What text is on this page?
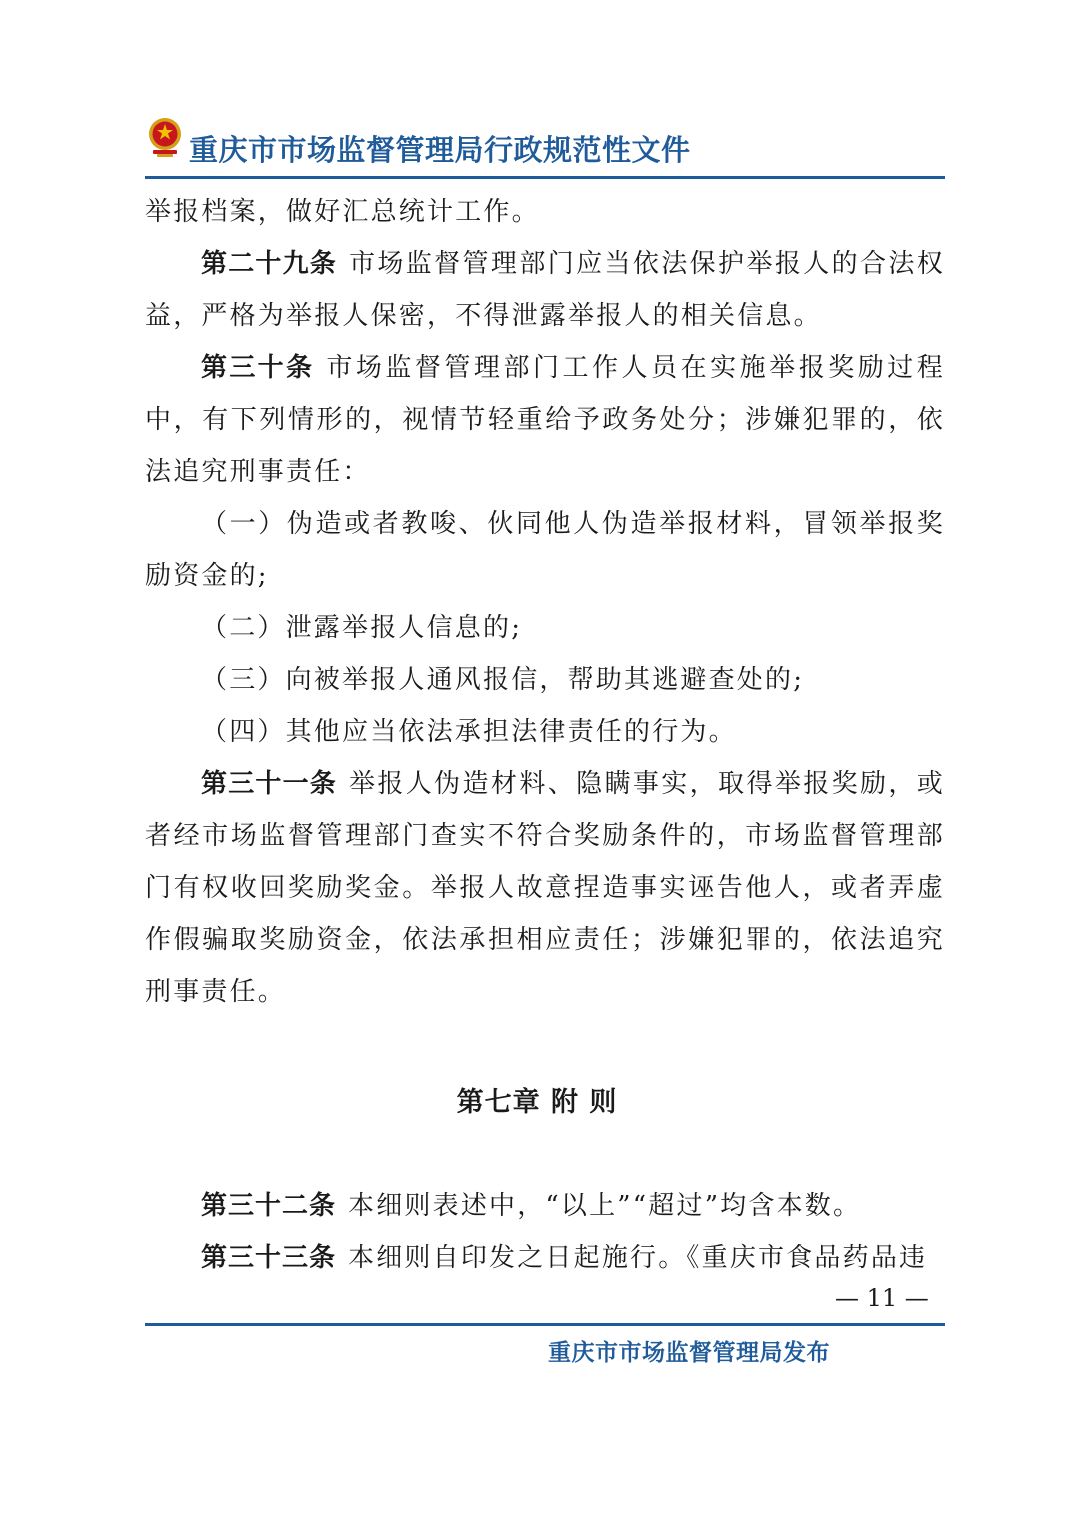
重庆市市场监督管理局行政规范性文件

举报档案，做好汇总统计工作。

第二十九条 市场监督管理部门应当依法保护举报人的合法权益，严格为举报人保密，不得泄露举报人的相关信息。

第三十条 市场监督管理部门工作人员在实施举报奖励过程中，有下列情形的，视情节轻重给予政务处分；涉嫌犯罪的，依法追究刑事责任：

（一）伪造或者教唆、伙同他人伪造举报材料，冒领举报奖励资金的;

（二）泄露举报人信息的;

（三）向被举报人通风报信，帮助其逃避查处的;

（四）其他应当依法承担法律责任的行为。

第三十一条 举报人伪造材料、隐瞒事实，取得举报奖励，或者经市场监督管理部门查实不符合奖励条件的，市场监督管理部门有权收回奖励奖金。举报人故意捏造事实诬告他人，或者弄虚作假骗取奖励资金，依法承担相应责任；涉嫌犯罪的，依法追究刑事责任。

第七章 附 则

第三十二条 本细则表述中，“以上”“超过”均含本数。

第三十三条 本细则自印发之日起施行。《重庆市食品药品违

— 11 —
重庆市市场监督管理局发布
